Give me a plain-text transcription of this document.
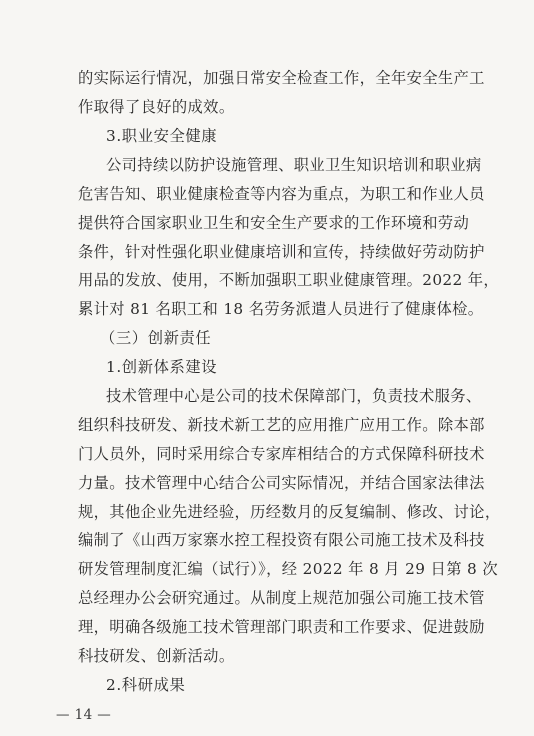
的实际运行情况，加强日常安全检查工作，全年安全生产工
作取得了良好的成效。
3.职业安全健康
公司持续以防护设施管理、职业卫生知识培训和职业病
危害告知、职业健康检查等内容为重点，为职工和作业人员
提供符合国家职业卫生和安全生产要求的工作环境和劳动
条件，针对性强化职业健康培训和宣传，持续做好劳动防护
用品的发放、使用，不断加强职工职业健康管理。2022 年，
累计对 81 名职工和 18 名劳务派遣人员进行了健康体检。
（三）创新责任
1.创新体系建设
技术管理中心是公司的技术保障部门，负责技术服务、
组织科技研发、新技术新工艺的应用推广应用工作。除本部
门人员外，同时采用综合专家库相结合的方式保障科研技术
力量。技术管理中心结合公司实际情况，并结合国家法律法
规，其他企业先进经验，历经数月的反复编制、修改、讨论，
编制了《山西万家寨水控工程投资有限公司施工技术及科技
研发管理制度汇编（试行）》，经 2022 年 8 月 29 日第 8 次
总经理办公会研究通过。从制度上规范加强公司施工技术管
理，明确各级施工技术管理部门职责和工作要求、促进鼓励
科技研发、创新活动。
2.科研成果
— 14 —
